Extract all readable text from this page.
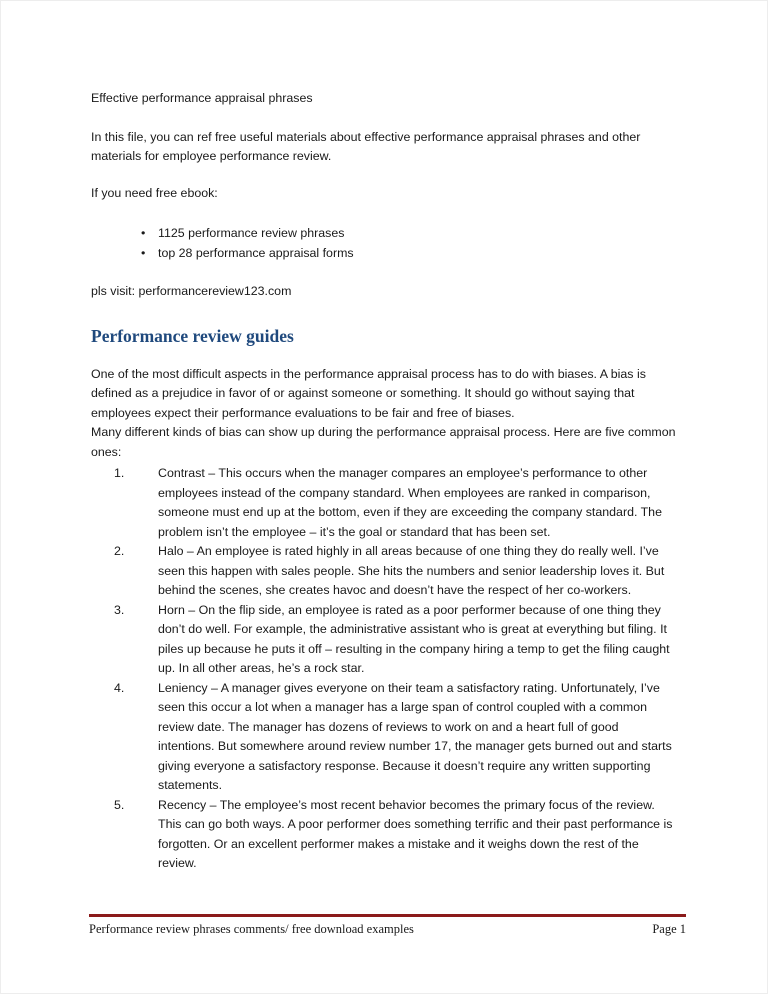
Effective performance appraisal phrases

In this file, you can ref free useful materials about effective performance appraisal phrases and other materials for employee performance review.

If you need free ebook:

•
1125 performance review phrases
•
top 28 performance appraisal forms

pls visit: performancereview123.com

Performance review guides

One of the most difficult aspects in the performance appraisal process has to do with biases. A bias is defined as a prejudice in favor of or against someone or something. It should go without saying that employees expect their performance evaluations to be fair and free of biases.

Many different kinds of bias can show up during the performance appraisal process. Here are five common ones:

1.	Contrast – This occurs when the manager compares an employee’s performance to other employees instead of the company standard. When employees are ranked in comparison, someone must end up at the bottom, even if they are exceeding the company standard. The problem isn’t the employee – it’s the goal or standard that has been set.
2.	Halo – An employee is rated highly in all areas because of one thing they do really well. I’ve seen this happen with sales people. She hits the numbers and senior leadership loves it. But behind the scenes, she creates havoc and doesn’t have the respect of her co-workers.
3.	Horn – On the flip side, an employee is rated as a poor performer because of one thing they don’t do well. For example, the administrative assistant who is great at everything but filing. It piles up because he puts it off – resulting in the company hiring a temp to get the filing caught up. In all other areas, he’s a rock star.
4.	Leniency – A manager gives everyone on their team a satisfactory rating. Unfortunately, I’ve seen this occur a lot when a manager has a large span of control coupled with a common review date. The manager has dozens of reviews to work on and a heart full of good intentions. But somewhere around review number 17, the manager gets burned out and starts giving everyone a satisfactory response. Because it doesn’t require any written supporting statements.
5.	Recency – The employee’s most recent behavior becomes the primary focus of the review. This can go both ways. A poor performer does something terrific and their past performance is forgotten. Or an excellent performer makes a mistake and it weighs down the rest of the review.
Performance review phrases comments/ free download examples	Page 1
